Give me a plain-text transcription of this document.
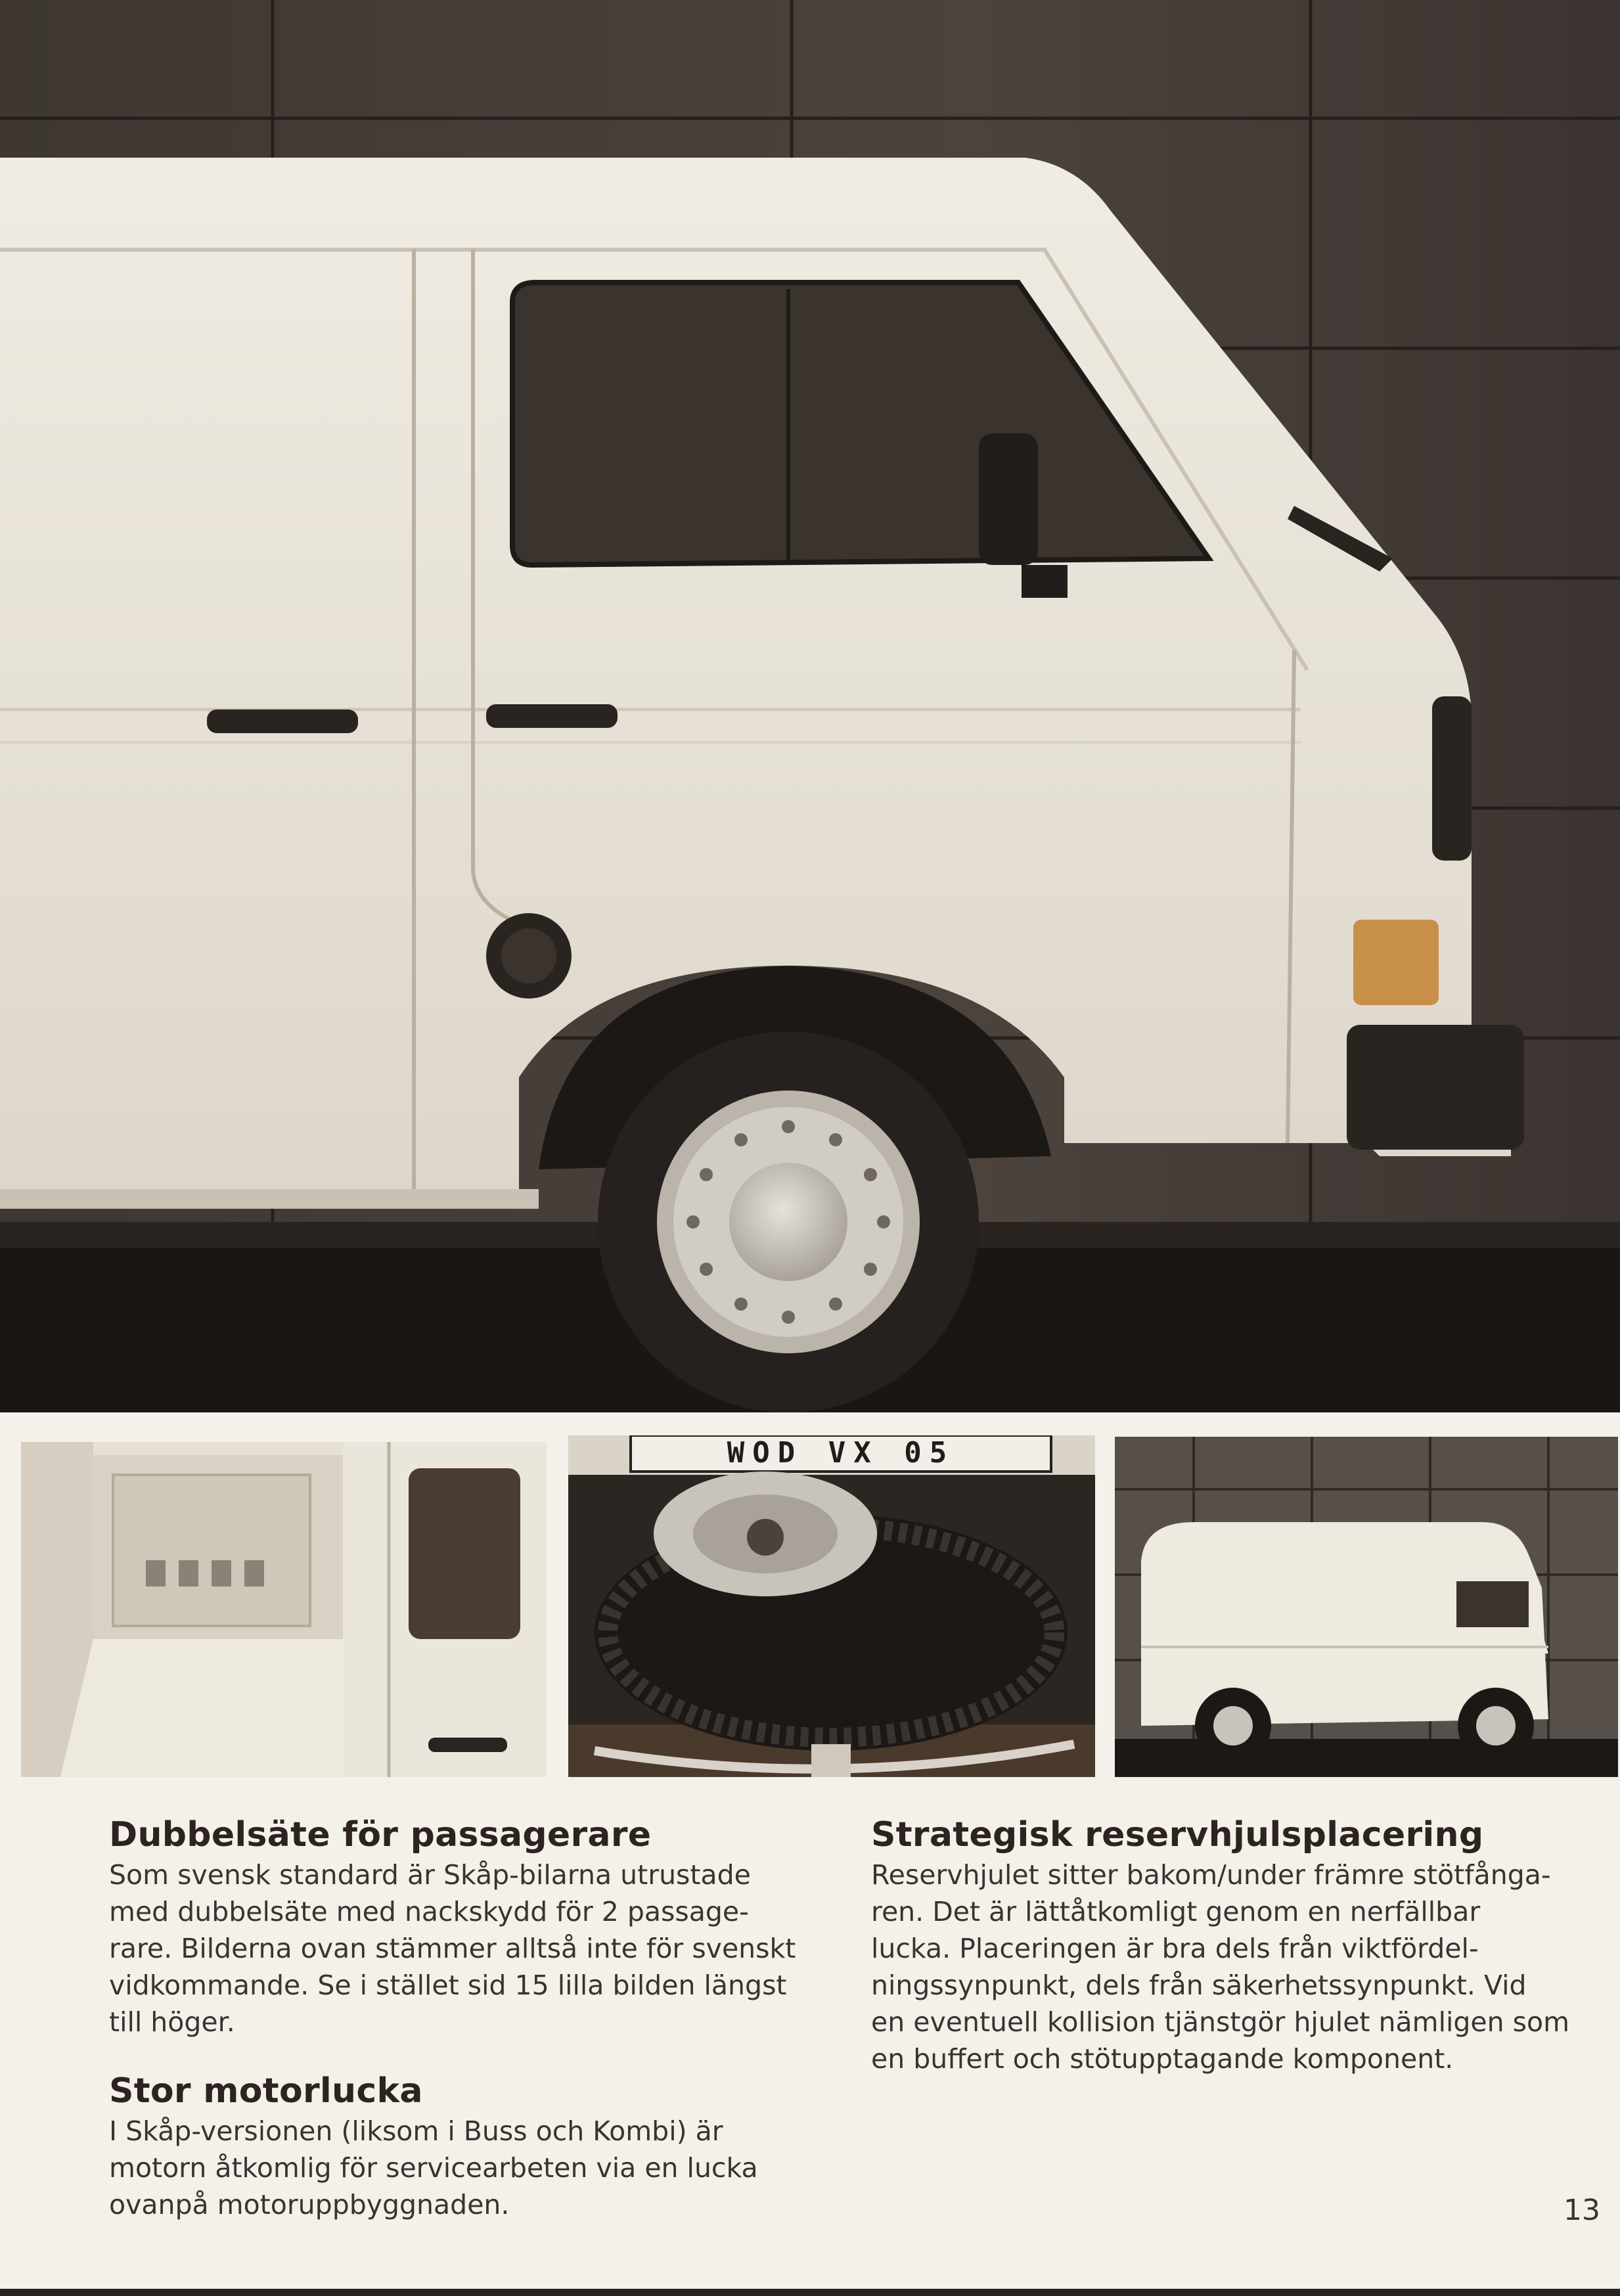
WOD VX 05
Dubbelsäte för passagerare

Som svensk standard är Skåp-bilarna utrustade
med dubbelsäte med nackskydd för 2 passage-
rare. Bilderna ovan stämmer alltså inte för svenskt
vidkommande. Se i stället sid 15 lilla bilden längst
till höger.

Stor motorlucka

I Skåp-versionen (liksom i Buss och Kombi) är
motorn åtkomlig för servicearbeten via en lucka
ovanpå motoruppbyggnaden.

Strategisk reservhjulsplacering

Reservhjulet sitter bakom/under främre stötfånga-
ren. Det är lättåtkomligt genom en nerfällbar
lucka. Placeringen är bra dels från viktfördel-
ningssynpunkt, dels från säkerhetssynpunkt. Vid
en eventuell kollision tjänstgör hjulet nämligen som
en buffert och stötupptagande komponent.

13
